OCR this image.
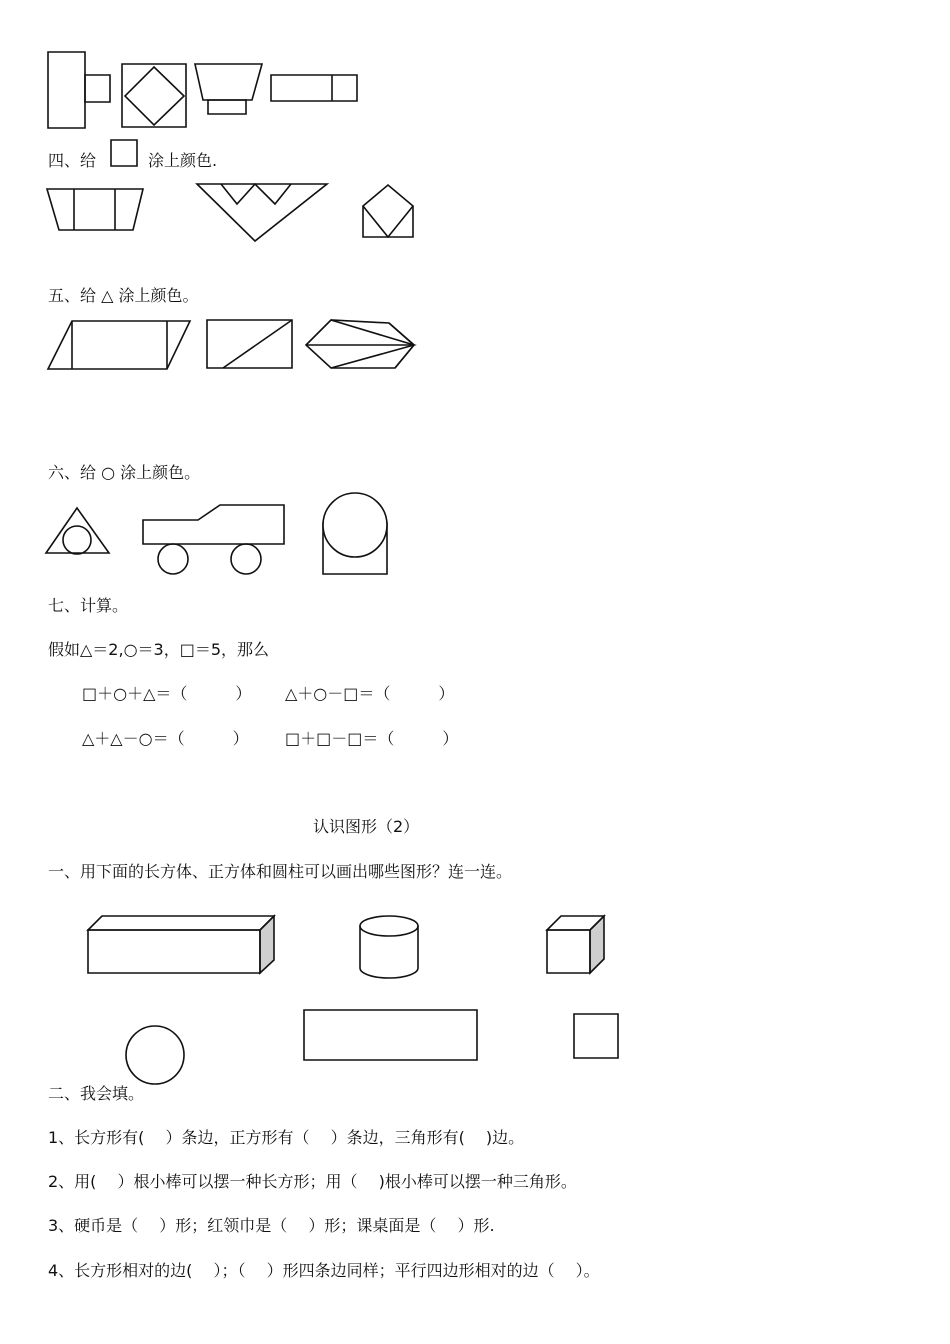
四、给	涂上颜色.
五、给 △ 涂上颜色。
六、给 ○ 涂上颜色。
七、计算。
假如△＝2,○＝3，□＝5，那么
□＋○＋△＝（　　　） △＋○－□＝（　　　）
△＋△－○＝（　　　） □＋□－□＝（　　　）
认识图形（2）
一、用下面的长方体、正方体和圆柱可以画出哪些图形？连一连。
二、我会填。
1、长方形有(　 ）条边，正方形有（　 ）条边，三角形有(　 )边。
2、用(　 ）根小棒可以摆一种长方形；用（　 )根小棒可以摆一种三角形。
3、硬币是（　 ）形；红领巾是（　 ）形；课桌面是（　 ）形.
4、长方形相对的边(　 ）；（　 ）形四条边同样；平行四边形相对的边（　 ）。
